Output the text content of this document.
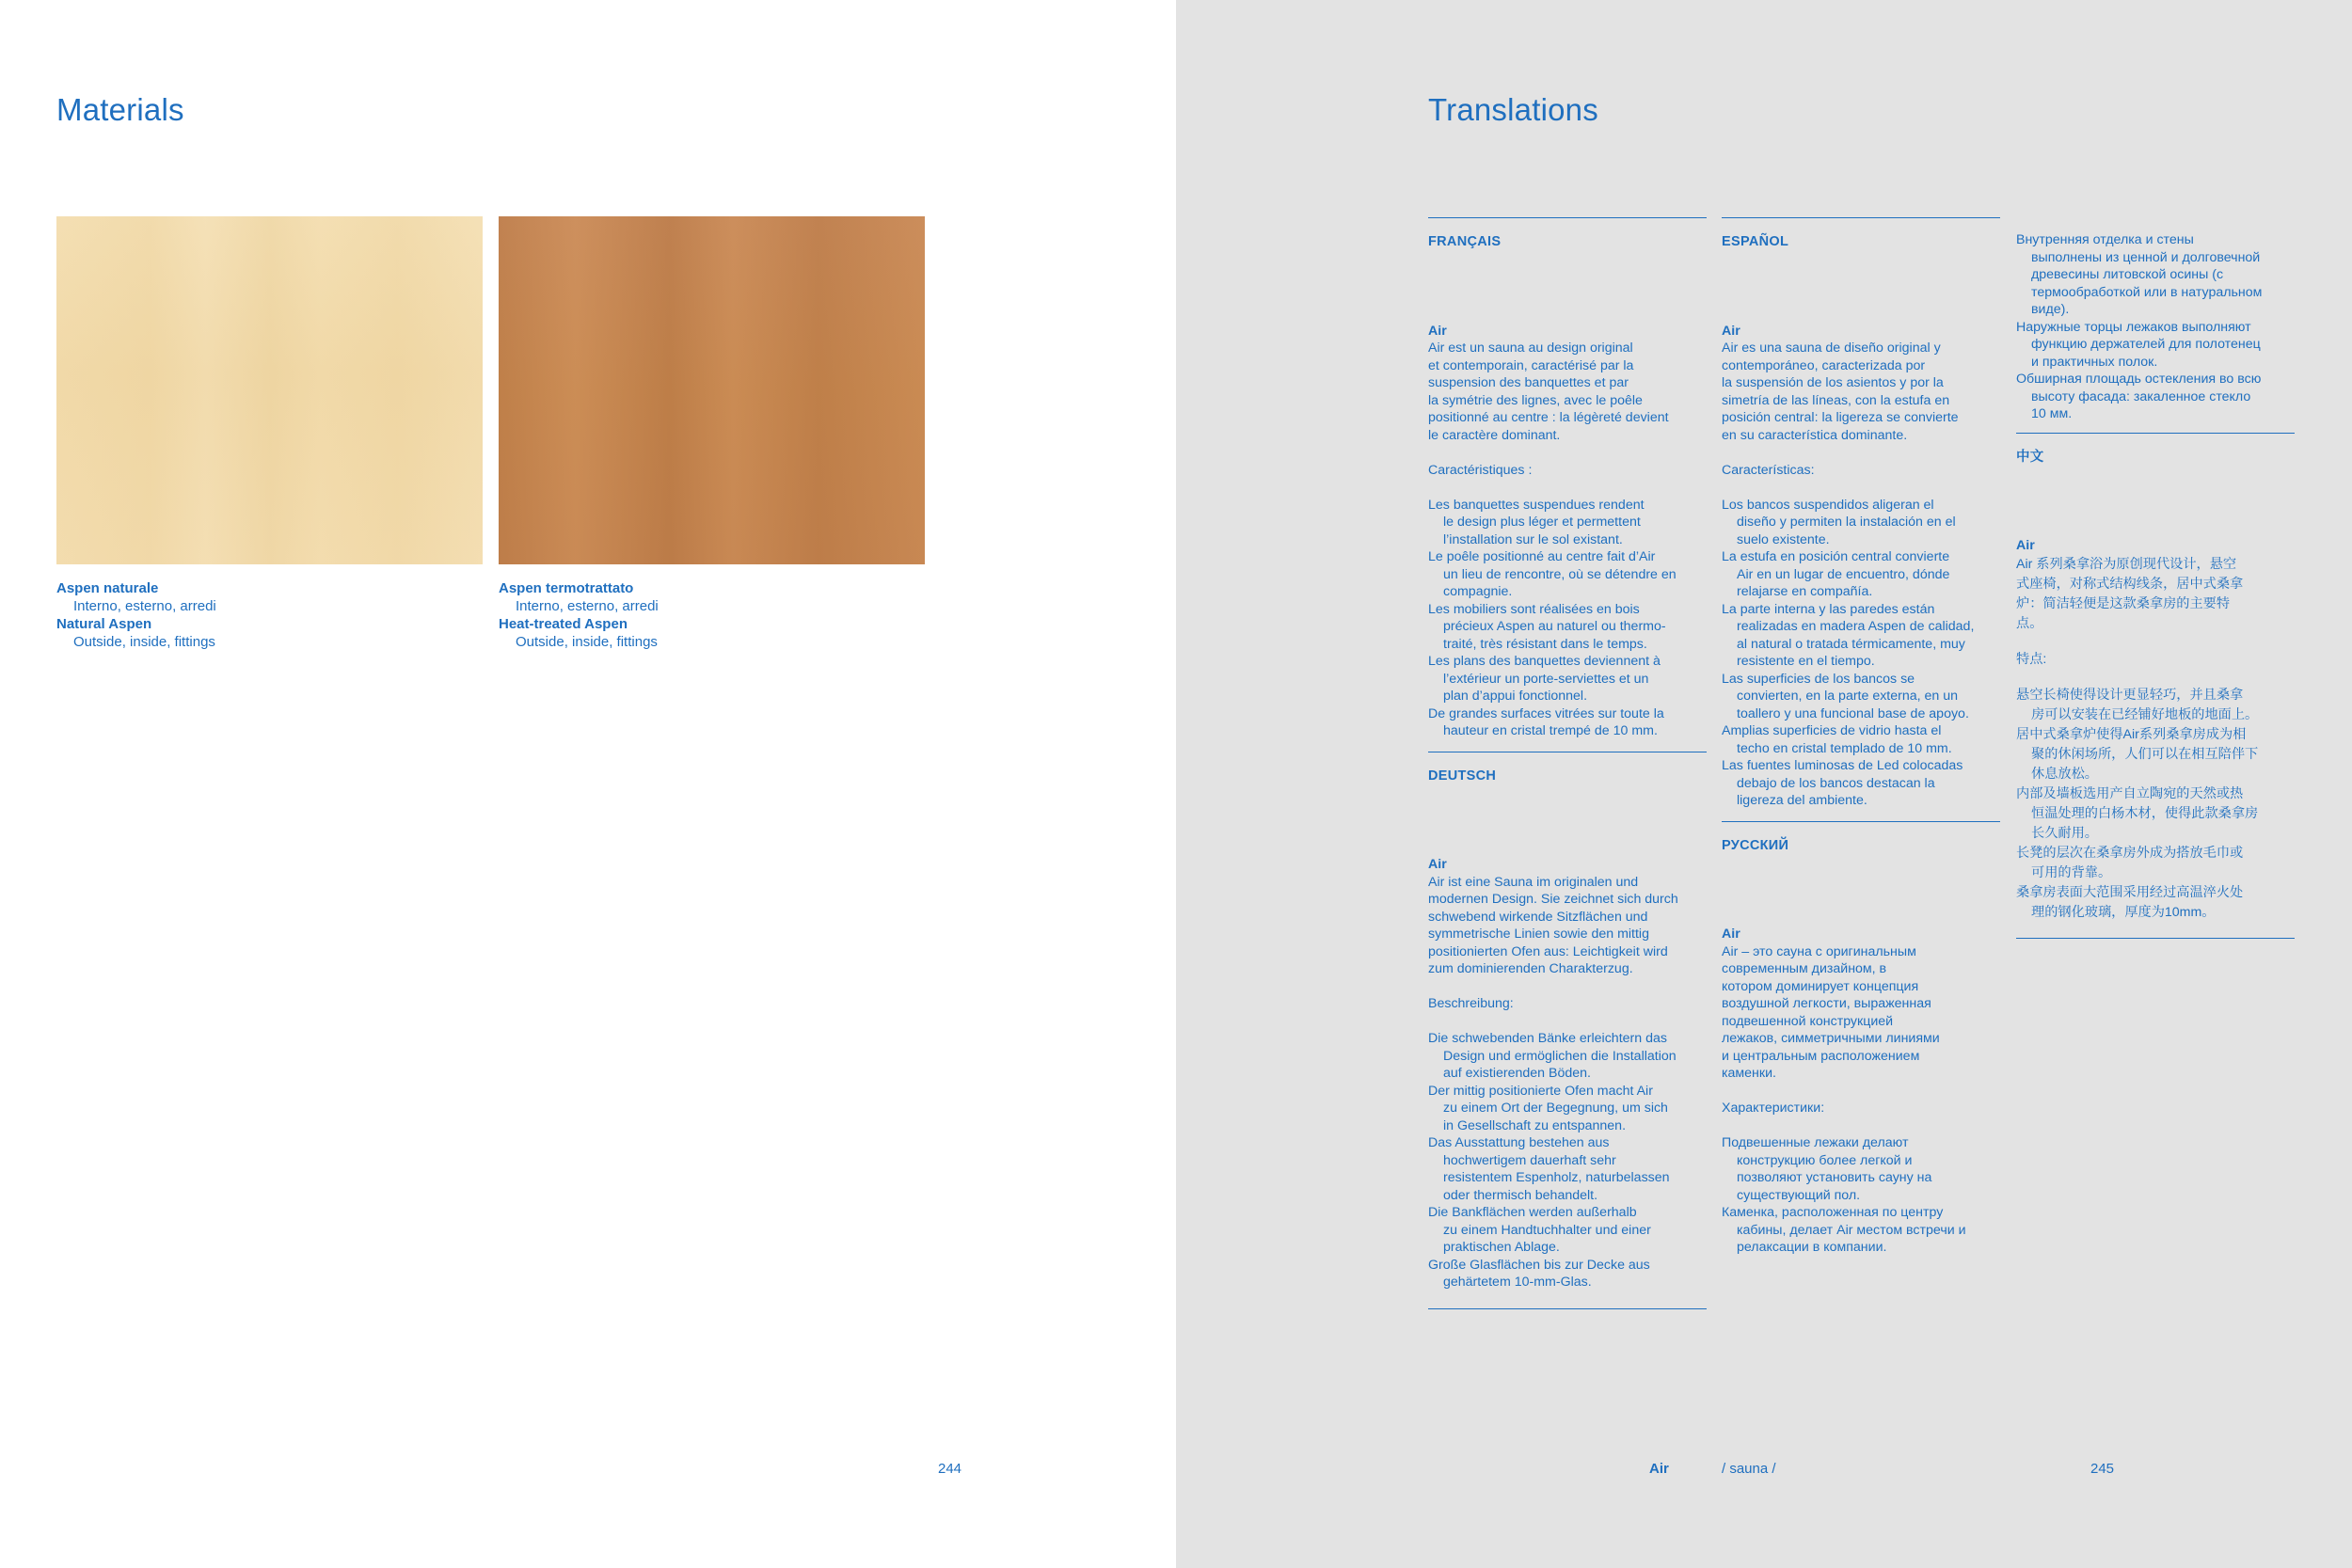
Materials
Aspen naturale
Interno, esterno, arredi
Natural Aspen
Outside, inside, fittings
Aspen termotrattato
Interno, esterno, arredi
Heat-treated Aspen
Outside, inside, fittings
244
Translations
FRANÇAIS

Air

Air est un sauna au design original
et contemporain, caractérisé par la
suspension des banquettes et par
la symétrie des lignes, avec le poêle
positionné au centre : la légèreté devient
le caractère dominant.

Caractéristiques :

Les banquettes suspendues rendent
le design plus léger et permettent
l’installation sur le sol existant.
Le poêle positionné au centre fait d’Air
un lieu de rencontre, où se détendre en
compagnie.
Les mobiliers sont réalisées en bois
précieux Aspen au naturel ou thermo-
traité, très résistant dans le temps.
Les plans des banquettes deviennent à
l’extérieur un porte-serviettes et un
plan d’appui fonctionnel.
De grandes surfaces vitrées sur toute la
hauteur en cristal trempé de 10 mm.
DEUTSCH

Air

Air ist eine Sauna im originalen und
modernen Design. Sie zeichnet sich durch
schwebend wirkende Sitzflächen und
symmetrische Linien sowie den mittig
positionierten Ofen aus: Leichtigkeit wird
zum dominierenden Charakterzug.

Beschreibung:

Die schwebenden Bänke erleichtern das
Design und ermöglichen die Installation
auf existierenden Böden.
Der mittig positionierte Ofen macht Air
zu einem Ort der Begegnung, um sich
in Gesellschaft zu entspannen.
Das Ausstattung bestehen aus
hochwertigem dauerhaft sehr
resistentem Espenholz, naturbelassen
oder thermisch behandelt.
Die Bankflächen werden außerhalb
zu einem Handtuchhalter und einer
praktischen Ablage.
Große Glasflächen bis zur Decke aus
gehärtetem 10-mm-Glas.
ESPAÑOL

Air

Air es una sauna de diseño original y
contemporáneo, caracterizada por
la suspensión de los asientos y por la
simetría de las líneas, con la estufa en
posición central: la ligereza se convierte
en su característica dominante.

Características:

Los bancos suspendidos aligeran el
diseño y permiten la instalación en el
suelo existente.
La estufa en posición central convierte
Air en un lugar de encuentro, dónde
relajarse en compañía.
La parte interna y las paredes están
realizadas en madera Aspen de calidad,
al natural o tratada térmicamente, muy
resistente en el tiempo.
Las superficies de los bancos se
convierten, en la parte externa, en un
toallero y una funcional base de apoyo.
Amplias superficies de vidrio hasta el
techo en cristal templado de 10 mm.
Las fuentes luminosas de Led colocadas
debajo de los bancos destacan la
ligereza del ambiente.
РУССКИЙ

Air

Air – это сауна с оригинальным
современным дизайном, в
котором доминирует концепция
воздушной легкости, выраженная
подвешенной конструкцией
лежаков, симметричными линиями
и центральным расположением
каменки.

Характеристики:

Подвешенные лежаки делают
конструкцию более легкой и
позволяют установить сауну на
существующий пол.
Каменка, расположенная по центру
кабины, делает Air местом встречи и
релаксации в компании.
Внутренняя отделка и стены
выполнены из ценной и долговечной
древесины литовской осины (с
термообработкой или в натуральном
виде).
Наружные торцы лежаков выполняют
функцию держателей для полотенец
и практичных полок.
Обширная площадь остекления во всю
высоту фасада: закаленное стекло
10 мм.
中文

Air

Air 系列桑拿浴为原创现代设计，悬空
式座椅，对称式结构线条，居中式桑拿
炉：简洁轻便是这款桑拿房的主要特
点。

特点:

悬空长椅使得设计更显轻巧，并且桑拿
房可以安装在已经铺好地板的地面上。
居中式桑拿炉使得Air系列桑拿房成为相
聚的休闲场所，人们可以在相互陪伴下
休息放松。
内部及墙板选用产自立陶宛的天然或热
恒温处理的白杨木材，使得此款桑拿房
长久耐用。
长凳的层次在桑拿房外成为搭放毛巾或
可用的背靠。
桑拿房表面大范围采用经过高温淬火处
理的钢化玻璃，厚度为10mm。
Air	/ sauna /	245
